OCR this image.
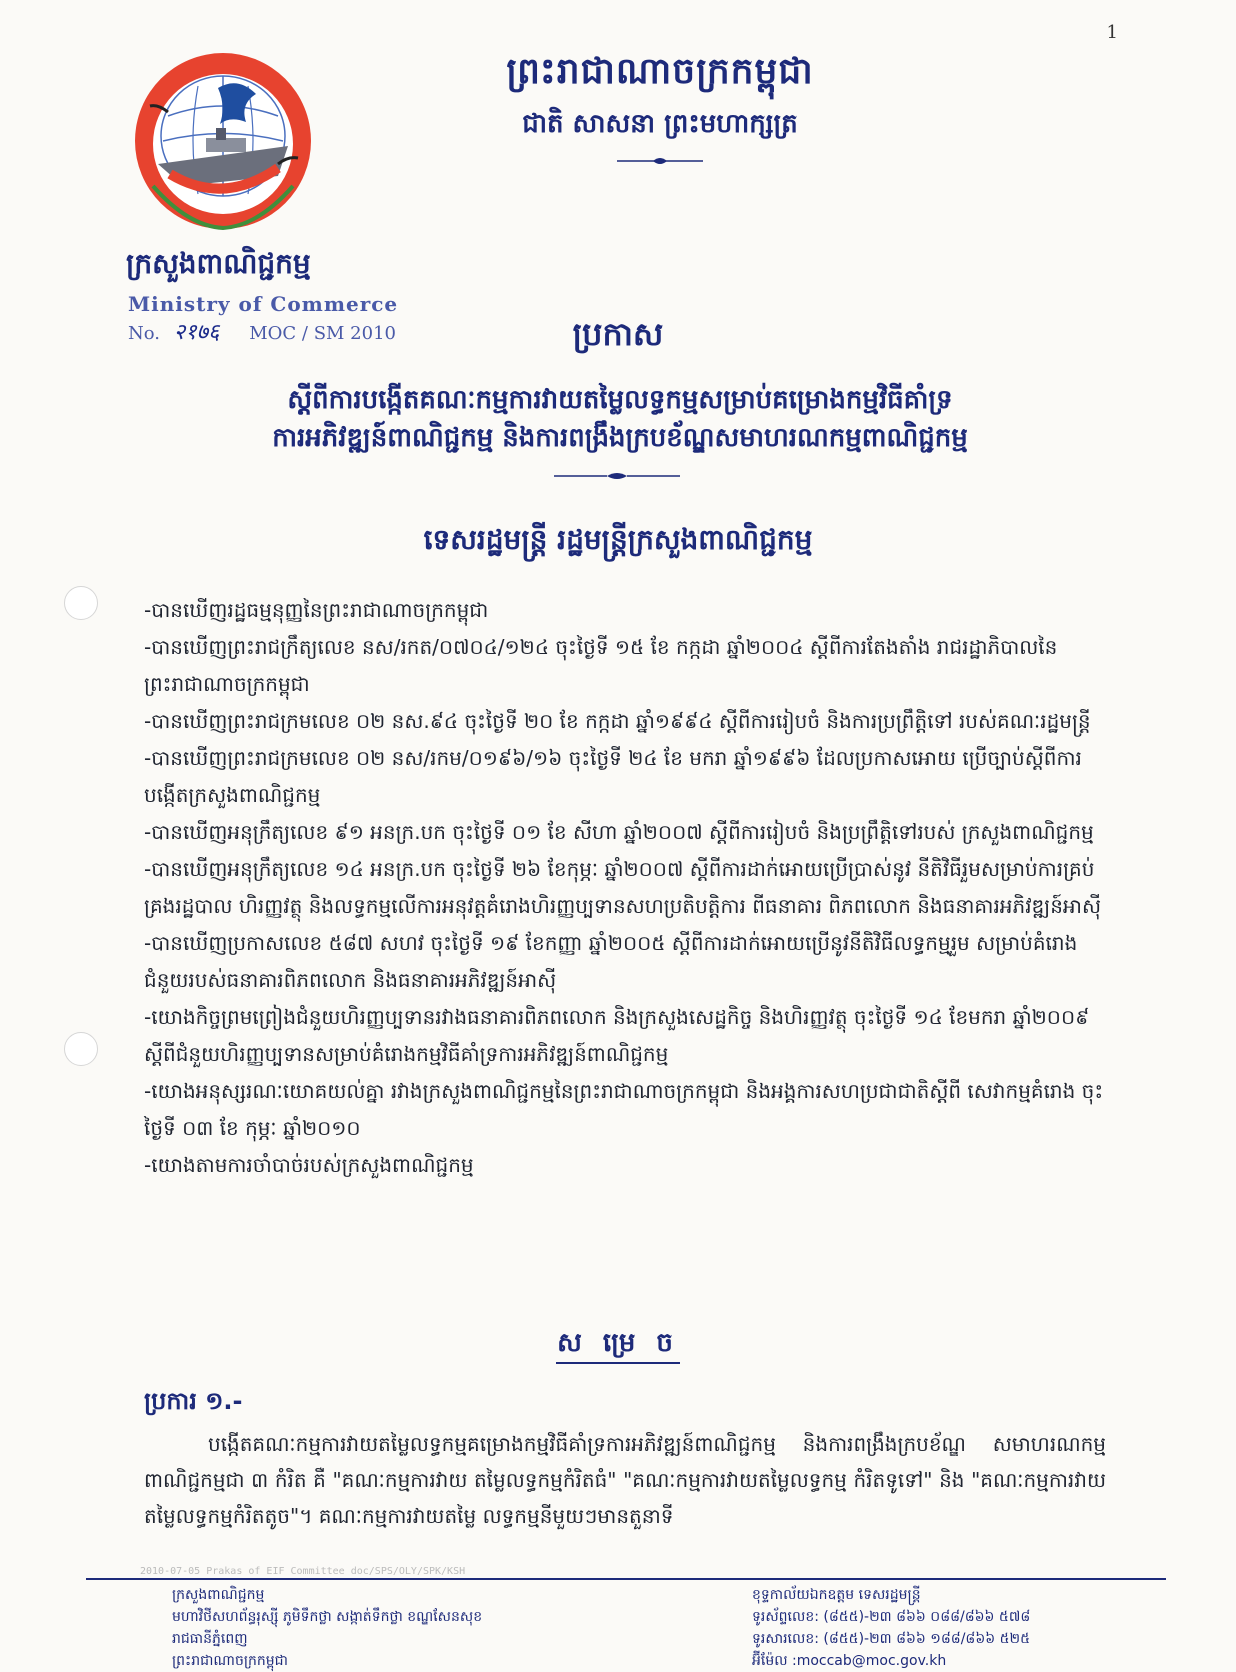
1
ព្រះរាជាណាចក្រកម្ពុជា
ជាតិ សាសនា ព្រះមហាក្សត្រ
ក្រសួងពាណិជ្ជកម្ម
Ministry of Commerce
No. २१७६ MOC / SM 2010	ប្រកាស
ស្តីពីការបង្កើតគណៈកម្មការវាយតម្លៃលទ្ធកម្មសម្រាប់គម្រោងកម្មវិធីគាំទ្រ
ការអភិវឌ្ឍន៍ពាណិជ្ជកម្ម និងការពង្រឹងក្របខ័ណ្ឌសមាហរណកម្មពាណិជ្ជកម្ម
ទេសរដ្ឋមន្ត្រី រដ្ឋមន្ត្រីក្រសួងពាណិជ្ជកម្ម
-បានឃើញរដ្ឋធម្មនុញ្ញនៃព្រះរាជាណាចក្រកម្ពុជា
-បានឃើញព្រះរាជក្រឹត្យលេខ នស/រកត/០៧០៤/១២៤ ចុះថ្ងៃទី ១៥ ខែ កក្កដា ឆ្នាំ២០០៤ ស្តីពីការតែងតាំង រាជរដ្ឋាភិបាលនៃព្រះរាជាណាចក្រកម្ពុជា
-បានឃើញព្រះរាជក្រមលេខ ០២ នស.៩៤ ចុះថ្ងៃទី ២០ ខែ កក្កដា ឆ្នាំ១៩៩៤ ស្តីពីការរៀបចំ និងការប្រព្រឹត្តិទៅ របស់គណៈរដ្ឋមន្ត្រី
-បានឃើញព្រះរាជក្រមលេខ ០២ នស/រកម/០១៩៦/១៦ ចុះថ្ងៃទី ២៤ ខែ មករា ឆ្នាំ១៩៩៦ ដែលប្រកាសអោយ ប្រើច្បាប់ស្តីពីការបង្កើតក្រសួងពាណិជ្ជកម្ម
-បានឃើញអនុក្រឹត្យលេខ ៩១ អនក្រ.បក ចុះថ្ងៃទី ០១ ខែ សីហា ឆ្នាំ២០០៧ ស្តីពីការរៀបចំ និងប្រព្រឹត្តិទៅរបស់ ក្រសួងពាណិជ្ជកម្ម
-បានឃើញអនុក្រឹត្យលេខ ១៤ អនក្រ.បក ចុះថ្ងៃទី ២៦ ខែកុម្ភៈ ឆ្នាំ២០០៧ ស្តីពីការដាក់អោយប្រើប្រាស់នូវ នីតិវិធីរួមសម្រាប់ការគ្រប់គ្រងរដ្ឋបាល ហិរញ្ញវត្ថុ និងលទ្ធកម្មលើការអនុវត្តគំរោងហិរញ្ញប្បទានសហប្រតិបត្តិការ ពីធនាគារ ពិភពលោក និងធនាគារអភិវឌ្ឍន៍អាស៊ី
-បានឃើញប្រកាសលេខ ៥៨៧ សហវ ចុះថ្ងៃទី ១៩ ខែកញ្ញា ឆ្នាំ២០០៥ ស្តីពីការដាក់អោយប្រើនូវនីតិវិធីលទ្ធកម្មរួម សម្រាប់គំរោងជំនួយរបស់ធនាគារពិភពលោក និងធនាគារអភិវឌ្ឍន៍អាស៊ី
-យោងកិច្ចព្រមព្រៀងជំនួយហិរញ្ញប្បទានរវាងធនាគារពិភពលោក និងក្រសួងសេដ្ឋកិច្ច និងហិរញ្ញវត្ថុ ចុះថ្ងៃទី ១៤ ខែមករា ឆ្នាំ២០០៩ ស្តីពីជំនួយហិរញ្ញប្បទានសម្រាប់គំរោងកម្មវិធីគាំទ្រការអភិវឌ្ឍន៍ពាណិជ្ជកម្ម
-យោងអនុស្សរណៈយោគយល់គ្នា រវាងក្រសួងពាណិជ្ជកម្មនៃព្រះរាជាណាចក្រកម្ពុជា និងអង្គការសហប្រជាជាតិស្តីពី សេវាកម្មគំរោង ចុះថ្ងៃទី ០៣ ខែ កុម្ភៈ ឆ្នាំ២០១០
-យោងតាមការចាំបាច់របស់ក្រសួងពាណិជ្ជកម្ម
ស ម្រេ ច
ប្រការ ១.-
បង្កើតគណៈកម្មការវាយតម្លៃលទ្ធកម្មគម្រោងកម្មវិធីគាំទ្រការអភិវឌ្ឍន៍ពាណិជ្ជកម្ម និងការពង្រឹងក្របខ័ណ្ឌ សមាហរណកម្មពាណិជ្ជកម្មជា ៣ កំរិត គឺ "គណៈកម្មការវាយ តម្លៃលទ្ធកម្មកំរិតធំ" "គណៈកម្មការវាយតម្លៃលទ្ធកម្ម កំរិតទូទៅ" និង "គណៈកម្មការវាយតម្លៃលទ្ធកម្មកំរិតតូច"។ គណៈកម្មការវាយតម្លៃ លទ្ធកម្មនីមួយៗមានតួនាទី
2010-07-05 Prakas of EIF Committee doc/SPS/OLY/SPK/KSH
ក្រសួងពាណិជ្ជកម្ម
មហាវិថីសហព័ន្ធរុស្ស៊ី ភូមិទឹកថ្លា សង្កាត់ទឹកថ្លា ខណ្ឌសែនសុខ
រាជធានីភ្នំពេញ
ព្រះរាជាណាចក្រកម្ពុជា
ខុទ្ទកាល័យឯកឧត្តម ទេសរដ្ឋមន្ត្រី
ទូរស័ព្ទលេខ: (៨៥៥)-២៣ ៨៦៦ ០៨៨/៨៦៦ ៥៧៨
ទូរសារលេខ: (៨៥៥)-២៣ ៨៦៦ ១៨៨/៨៦៦ ៥២៥
អ៊ីម៉ែល :moccab@moc.gov.kh
